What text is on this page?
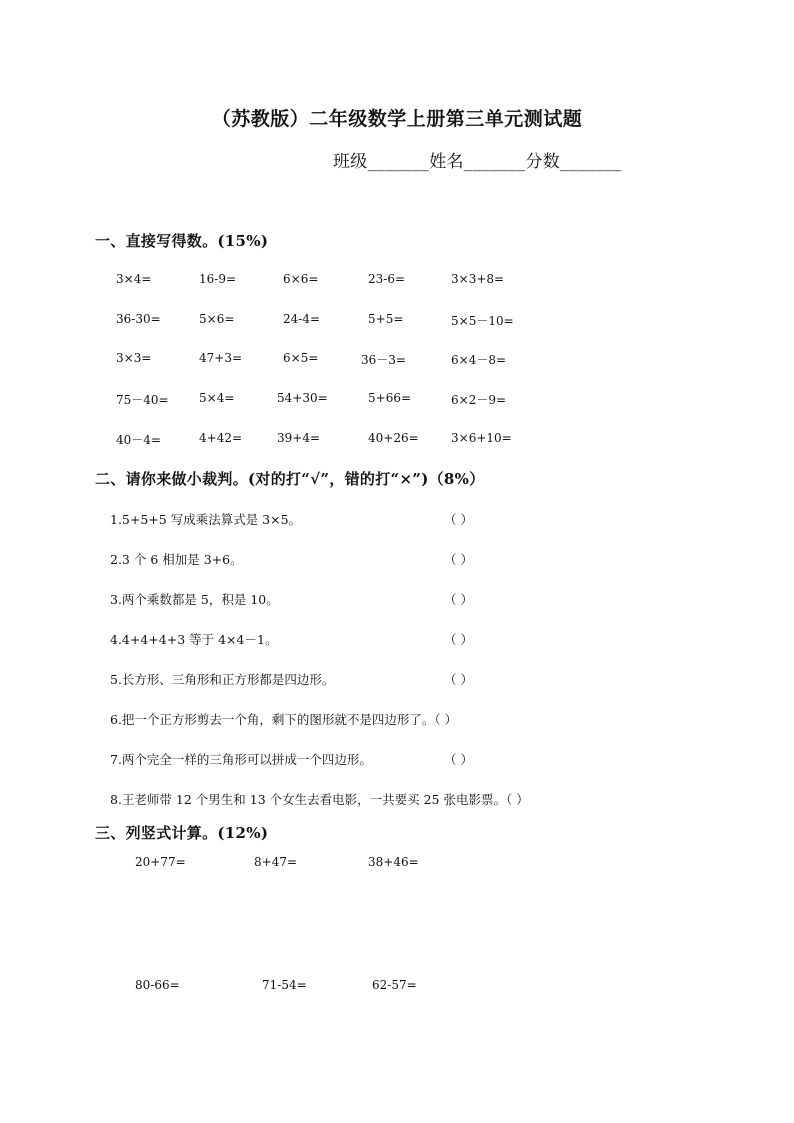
（苏教版）二年级数学上册第三单元测试题
班级_______姓名_______分数_______
一、直接写得数。(15%)
3×4=	16-9=	6×6=	23-6=	3×3+8=
36-30=	5×6=	24-4=	5+5=	5×5－10=
3×3=	47+3=	6×5=	36－3=	6×4－8=
75－40=	5×4=	54+30=	5+66=	6×2－9=
40－4=	4+42=	39+4=	40+26=	3×6+10=
二、请你来做小裁判。(对的打“√”，错的打“×”)（8%）
1.5+5+5 写成乘法算式是 3×5。	（ ）
2.3 个 6 相加是 3+6。	（ ）
3.两个乘数都是 5，积是 10。	（ ）
4.4+4+4+3 等于 4×4－1。	（ ）
5.长方形、三角形和正方形都是四边形。	（ ）
6.把一个正方形剪去一个角，剩下的图形就不是四边形了。（ ）
7.两个完全一样的三角形可以拼成一个四边形。	（ ）
8.王老师带 12 个男生和 13 个女生去看电影，一共要买 25 张电影票。（ ）
三、列竖式计算。(12%)
20+77=	8+47=	38+46=
80-66=	71-54=	62-57=
